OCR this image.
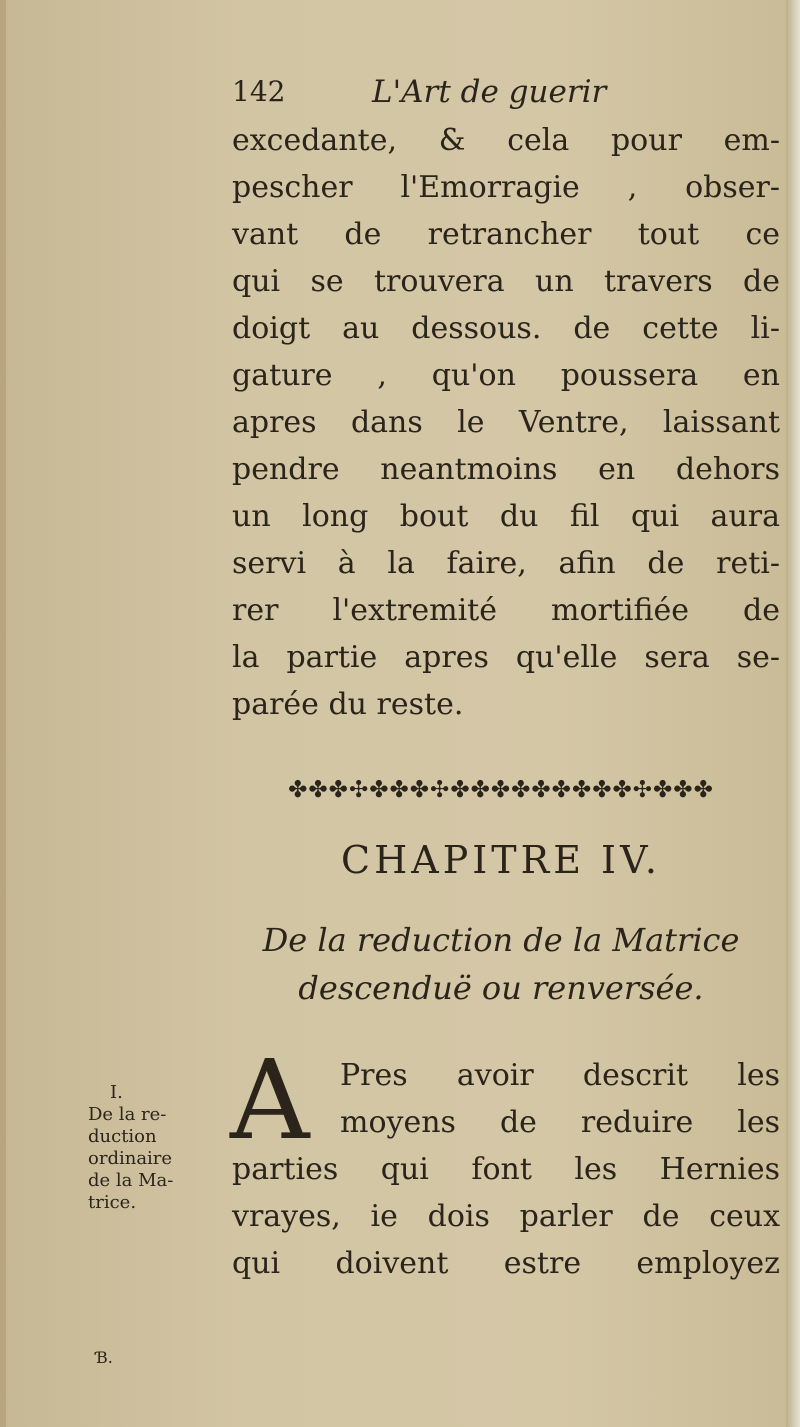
142	L'Art de guerir
excedante, & cela pour em-
pescher l'Emorragie , obser-
vant de retrancher tout ce
qui se trouvera un travers de
doigt au dessous. de cette li-
gature , qu'on poussera en
apres dans le Ventre, laissant
pendre neantmoins en dehors
un long bout du fil qui aura
servi à la faire, afin de reti-
rer l'extremité mortifiée de
la partie apres qu'elle sera se-
parée du reste.
✤✤✤✣✤✤✤✣✤✤✤✤✤✤✤✤✤✣✤✤✤
CHAPITRE IV.
De la reduction de la Matrice
descenduë ou renversée.
A	Pres avoir descrit les
moyens de reduire les
parties qui font les Hernies
vrayes, ie dois parler de ceux
qui doivent estre employez
I.
De la re-
duction
ordinaire
de la Ma-
trice.
Ɓ.
